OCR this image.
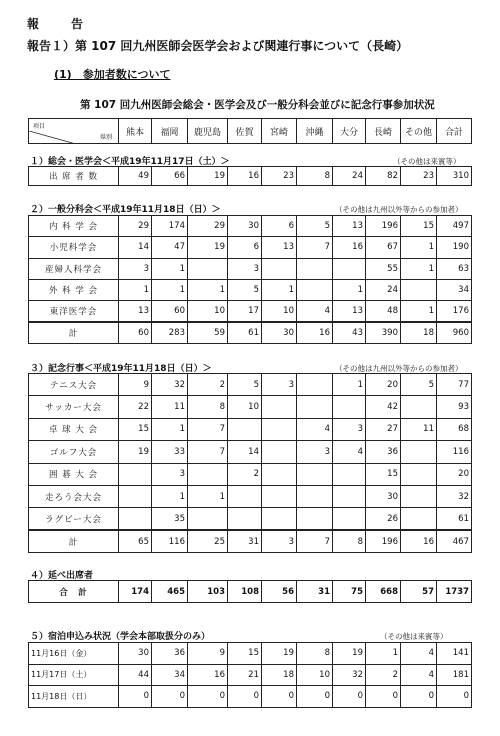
報　告
報告１）第 107 回九州医師会医学会および関連行事について（長崎）
(1)　参加者数について
第 107 回九州医師会総会・医学会及び一般分科会並びに記念行事参加状況
県別
項目
	熊本	福岡	鹿児島	佐賀	宮崎	沖縄	大分	長崎	その他	合計
１）総会・医学会＜平成19年11月17日（土）＞	（その他は来賓等）
出 席 者 数	49	66	19	16	23	8	24	82	23	310
２）一般分科会＜平成19年11月18日（日）＞	（その他は九州以外等からの参加者）
内 科 学 会	29	174	29	30	6	5	13	196	15	497
小児科学会	14	47	19	6	13	7	16	67	1	190
産婦人科学会	3	1		3				55	1	63
外 科 学 会	1	1	1	5	1		1	24		34
東洋医学会	13	60	10	17	10	4	13	48	1	176
計	60	283	59	61	30	16	43	390	18	960
３）記念行事＜平成19年11月18日（日）＞	（その他は九州以外等からの参加者）
テニス大会	9	32	2	5	3		1	20	5	77
サッカー大会	22	11	8	10				42		93
卓 球 大 会	15	1	7			4	3	27	11	68
ゴルフ大会	19	33	7	14		3	4	36		116
囲 碁 大 会		3		2				15		20
走ろう会大会		1	1					30		32
ラグビー大会		35						26		61
計	65	116	25	31	3	7	8	196	16	467
４）延べ出席者
合　計	174	465	103	108	56	31	75	668	57	1737
５）宿泊申込み状況（学会本部取扱分のみ）	（その他は来賓等）
11月16日（金）	30	36	9	15	19	8	19	1	4	141
11月17日（土）	44	34	16	21	18	10	32	2	4	181
11月18日（日）	0	0	0	0	0	0	0	0	0	0
